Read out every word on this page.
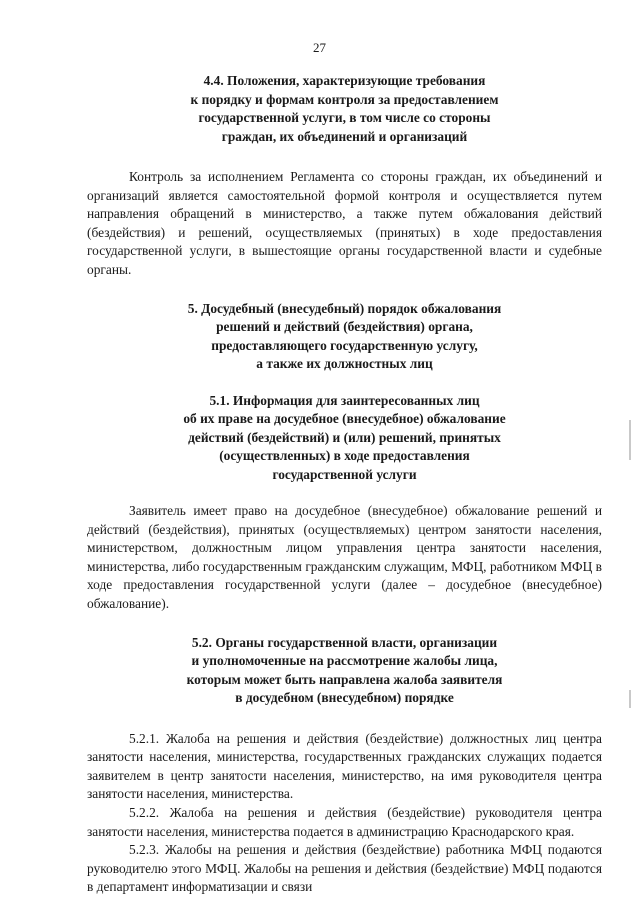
27
4.4. Положения, характеризующие требования
к порядку и формам контроля за предоставлением
государственной услуги, в том числе со стороны
граждан, их объединений и организаций

Контроль за исполнением Регламента со стороны граждан, их объединений и организаций является самостоятельной формой контроля и осуществляется путем направления обращений в министерство, а также путем обжалования действий (бездействия) и решений, осуществляемых (принятых) в ходе предоставления государственной услуги, в вышестоящие органы государственной власти и судебные органы.

5. Досудебный (внесудебный) порядок обжалования
решений и действий (бездействия) органа,
предоставляющего государственную услугу,
а также их должностных лиц
5.1. Информация для заинтересованных лиц
об их праве на досудебное (внесудебное) обжалование
действий (бездействий) и (или) решений, принятых
(осуществленных) в ходе предоставления
государственной услуги

Заявитель имеет право на досудебное (внесудебное) обжалование решений и действий (бездействия), принятых (осуществляемых) центром занятости населения, министерством, должностным лицом управления центра занятости населения, министерства, либо государственным гражданским служащим, МФЦ, работником МФЦ в ходе предоставления государственной услуги (далее – досудебное (внесудебное) обжалование).

5.2. Органы государственной власти, организации
и уполномоченные на рассмотрение жалобы лица,
которым может быть направлена жалоба заявителя
в досудебном (внесудебном) порядке

5.2.1. Жалоба на решения и действия (бездействие) должностных лиц центра занятости населения, министерства, государственных гражданских служащих подается заявителем в центр занятости населения, министерство, на имя руководителя центра занятости населения, министерства.

5.2.2. Жалоба на решения и действия (бездействие) руководителя центра занятости населения, министерства подается в администрацию Краснодарского края.

5.2.3. Жалобы на решения и действия (бездействие) работника МФЦ подаются руководителю этого МФЦ. Жалобы на решения и действия (бездействие) МФЦ подаются в департамент информатизации и связи
